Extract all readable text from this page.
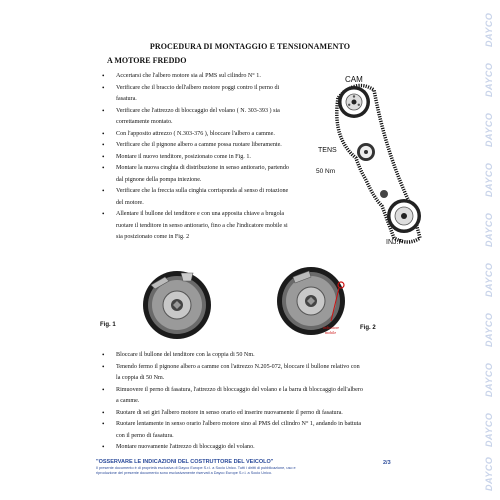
DAYCO
DAYCO
DAYCO
DAYCO
DAYCO
DAYCO
DAYCO
DAYCO
DAYCO
DAYCO
PROCEDURA DI MONTAGGIO E TENSIONAMENTO
A MOTORE FREDDO
• Accertarsi che l'albero motore sia al PMS sul cilindro N° 1.
• Verificare che il braccio dell'albero motore poggi contro il perno di
fasatura.
• Verificare che l'attrezzo di bloccaggio del volano ( N. 303-393 ) sia
correttamente montato.
• Con l'apposito attrezzo ( N.303-376 ), bloccare l'albero a camme.
• Verificare che il pignone albero a camme possa ruotare liberamente.
• Montare il nuovo tenditore, posizionato come in Fig. 1.
• Montare la nuova cinghia di distribuzione in senso antiorario, partendo
dal pignone della pompa iniezione.
• Verificare che la freccia sulla cinghia corrisponda al senso di rotazione
del motore.
• Allentare il bullone del tenditore e con una apposita chiave a brugola
ruotare il tenditore in senso antiorario, fino a che l'indicatore mobile si
sia posizionato come in Fig. 2
CAM
TENS
50 Nm
INJ.P
Fig. 1	indicatore
mobile
Fig. 2
• Bloccare il bullone del tenditore con la coppia di 50 Nm.
• Tenendo fermo il pignone albero a camme con l'attrezzo N.205-072, bloccare il bullone relativo con
la coppia di 50 Nm.
• Rimuovere il perno di fasatura, l'attrezzo di bloccaggio del volano e la barra di bloccaggio dell'albero
a camme.
• Ruotare di sei giri l'albero motore in senso orario ed inserire nuovamente il perno di fasatura.
• Ruotare lentamente in senso orario l'albero motore sino al PMS del cilindro N° 1, andando in battuta
con il perno di fasatura.
• Montare nuovamente l'attrezzo di bloccaggio del volano.
"OSSERVARE LE INDICAZIONI DEL COSTRUTTORE DEL VEICOLO"
Il presente documento è di proprietà esclusiva di Dayco Europe S.r.l. a Socio Unico. Tutti i diritti di pubblicazione, uso e
riproduzione del presente documento sono esclusivamente riservati a Dayco Europe S.r.l. a Socio Unico.
2/3
